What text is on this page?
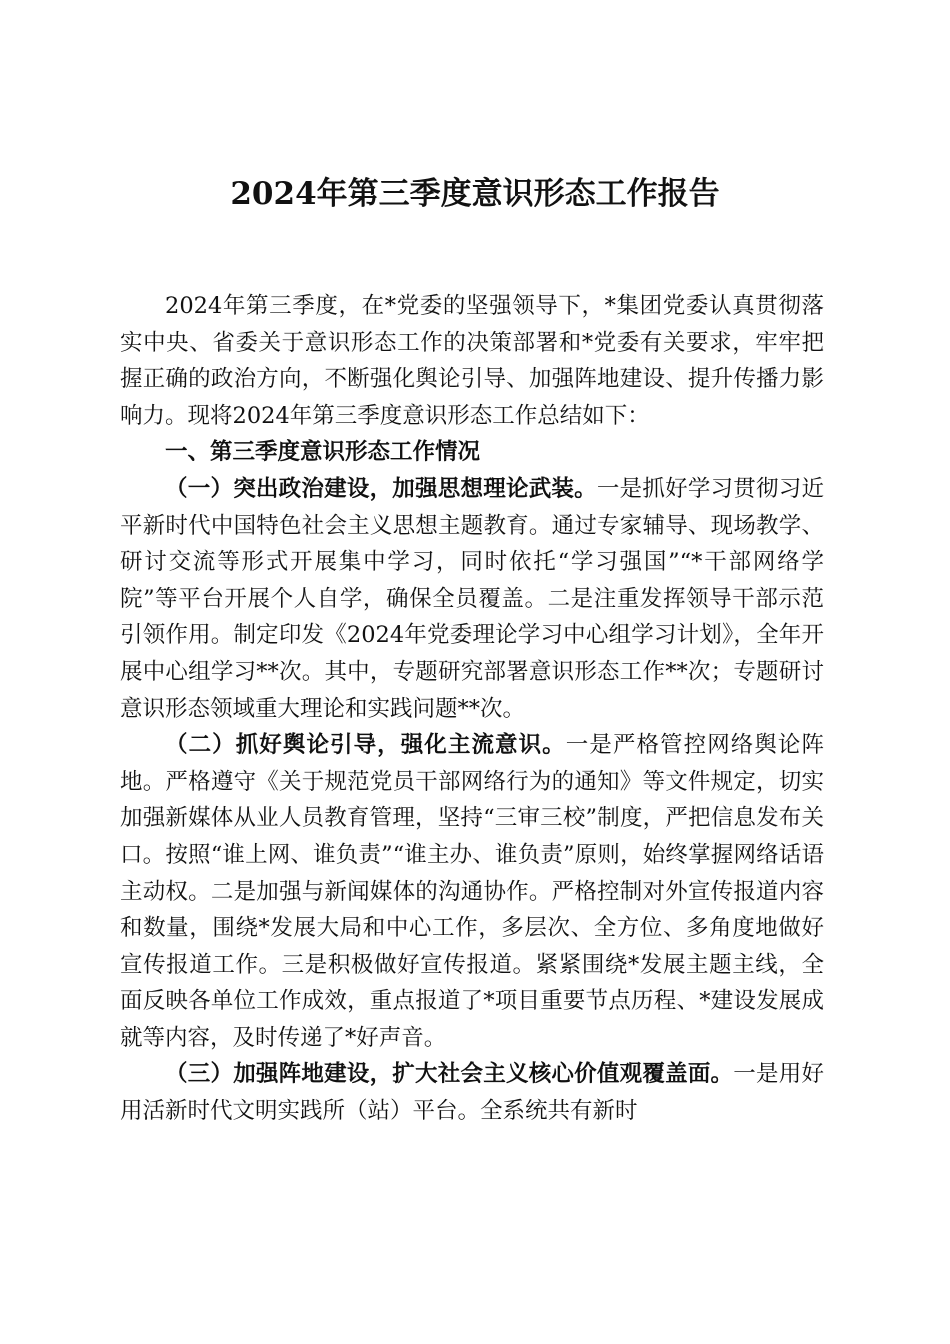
2024年第三季度意识形态工作报告

2024年第三季度，在*党委的坚强领导下，*集团党委认真贯彻落实中央、省委关于意识形态工作的决策部署和*党委有关要求，牢牢把握正确的政治方向，不断强化舆论引导、加强阵地建设、提升传播力影响力。现将2024年第三季度意识形态工作总结如下：

一、第三季度意识形态工作情况

（一）突出政治建设，加强思想理论武装。一是抓好学习贯彻习近平新时代中国特色社会主义思想主题教育。通过专家辅导、现场教学、研讨交流等形式开展集中学习，同时依托“学习强国”“*干部网络学院”等平台开展个人自学，确保全员覆盖。二是注重发挥领导干部示范引领作用。制定印发《2024年党委理论学习中心组学习计划》，全年开展中心组学习**次。其中，专题研究部署意识形态工作**次；专题研讨意识形态领域重大理论和实践问题**次。

（二）抓好舆论引导，强化主流意识。一是严格管控网络舆论阵地。严格遵守《关于规范党员干部网络行为的通知》等文件规定，切实加强新媒体从业人员教育管理，坚持“三审三校”制度，严把信息发布关口。按照“谁上网、谁负责”“谁主办、谁负责”原则，始终掌握网络话语主动权。二是加强与新闻媒体的沟通协作。严格控制对外宣传报道内容和数量，围绕*发展大局和中心工作，多层次、全方位、多角度地做好宣传报道工作。三是积极做好宣传报道。紧紧围绕*发展主题主线，全面反映各单位工作成效，重点报道了*项目重要节点历程、*建设发展成就等内容，及时传递了*好声音。

（三）加强阵地建设，扩大社会主义核心价值观覆盖面。一是用好用活新时代文明实践所（站）平台。全系统共有新时
